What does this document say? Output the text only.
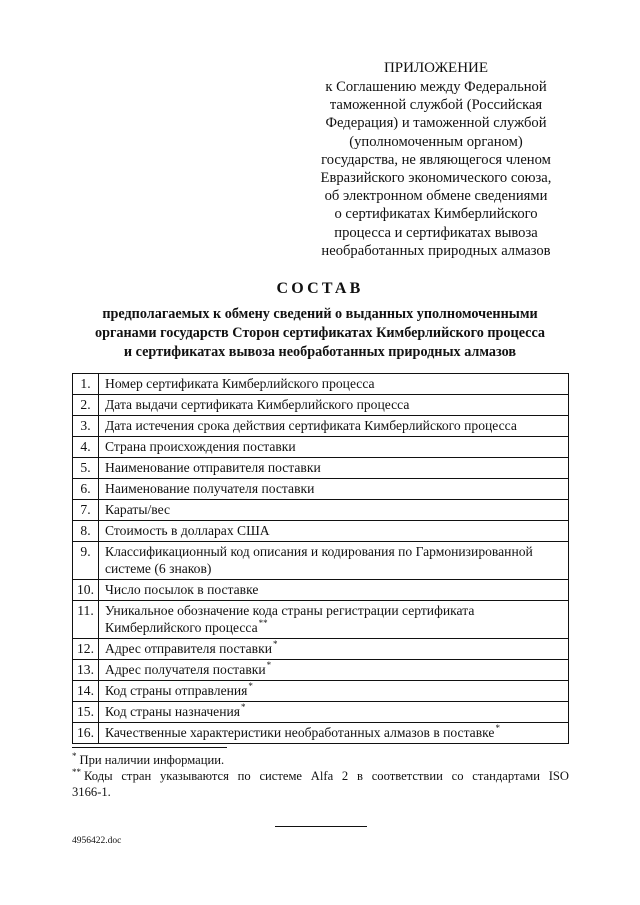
ПРИЛОЖЕНИЕ
к Соглашению между Федеральной
таможенной службой (Российская
Федерация) и таможенной службой
(уполномоченным органом)
государства, не являющегося членом
Евразийского экономического союза,
об электронном обмене сведениями
о сертификатах Кимберлийского
процесса и сертификатах вывоза
необработанных природных алмазов
СОСТАВ
предполагаемых к обмену сведений о выданных уполномоченными
органами государств Сторон сертификатах Кимберлийского процесса
и сертификатах вывоза необработанных природных алмазов
1.	Номер сертификата Кимберлийского процесса

2.	Дата выдачи сертификата Кимберлийского процесса

3.	Дата истечения срока действия сертификата Кимберлийского процесса

4.	Страна происхождения поставки

5.	Наименование отправителя поставки

6.	Наименование получателя поставки

7.	Караты/вес

8.	Стоимость в долларах США

9.	Классификационный код описания и кодирования по Гармонизированной
системе (6 знаков)

10.	Число посылок в поставке

11.	Уникальное обозначение кода страны регистрации сертификата
Кимберлийского процесса**

12.	Адрес отправителя поставки*

13.	Адрес получателя поставки*

14.	Код страны отправления*

15.	Код страны назначения*

16.	Качественные характеристики необработанных алмазов в поставке*

* При наличии информации.

** Коды стран указываются по системе Alfa 2 в соответствии со стандартами ISO 3166-1.

4956422.doc
